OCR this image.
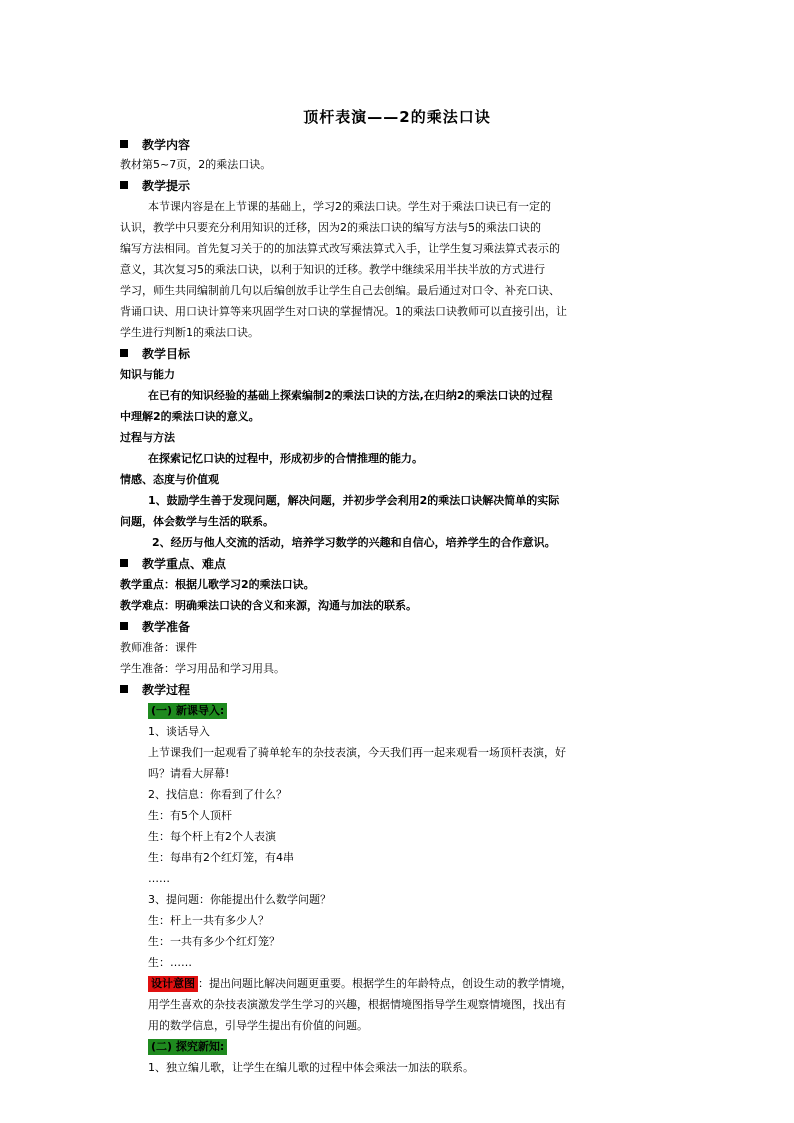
顶杆表演——2的乘法口诀
教学内容
教材第5~7页，2的乘法口诀。
教学提示
本节课内容是在上节课的基础上，学习2的乘法口诀。学生对于乘法口诀已有一定的
认识，教学中只要充分利用知识的迁移，因为2的乘法口诀的编写方法与5的乘法口诀的
编写方法相同。首先复习关于的的加法算式改写乘法算式入手，让学生复习乘法算式表示的
意义，其次复习5的乘法口诀，以利于知识的迁移。教学中继续采用半扶半放的方式进行
学习，师生共同编制前几句以后编创放手让学生自己去创编。最后通过对口令、补充口诀、
背诵口诀、用口诀计算等来巩固学生对口诀的掌握情况。1的乘法口诀教师可以直接引出，让
学生进行判断1的乘法口诀。
教学目标
知识与能力
在已有的知识经验的基础上探索编制2的乘法口诀的方法,在归纳2的乘法口诀的过程
中理解2的乘法口诀的意义。
过程与方法
在探索记忆口诀的过程中，形成初步的合情推理的能力。
情感、态度与价值观
1、鼓励学生善于发现问题，解决问题，并初步学会利用2的乘法口诀解决简单的实际
问题，体会数学与生活的联系。
2、经历与他人交流的活动，培养学习数学的兴趣和自信心，培养学生的合作意识。
教学重点、难点
教学重点：根据儿歌学习2的乘法口诀。
教学难点：明确乘法口诀的含义和来源，沟通与加法的联系。
教学准备
教师准备：课件
学生准备：学习用品和学习用具。
教学过程
(一) 新课导入:
1、谈话导入
上节课我们一起观看了骑单轮车的杂技表演，今天我们再一起来观看一场顶杆表演，好
吗？请看大屏幕!
2、找信息：你看到了什么？
生：有5个人顶杆
生：每个杆上有2个人表演
生：每串有2个红灯笼，有4串
……
3、提问题：你能提出什么数学问题？
生：杆上一共有多少人？
生：一共有多少个红灯笼？
生：……
设计意图 ：提出问题比解决问题更重要。根据学生的年龄特点，创设生动的教学情境，
用学生喜欢的杂技表演激发学生学习的兴趣，根据情境图指导学生观察情境图，找出有
用的数学信息，引导学生提出有价值的问题。
(二) 探究新知:
1、独立编儿歌，让学生在编儿歌的过程中体会乘法一加法的联系。
